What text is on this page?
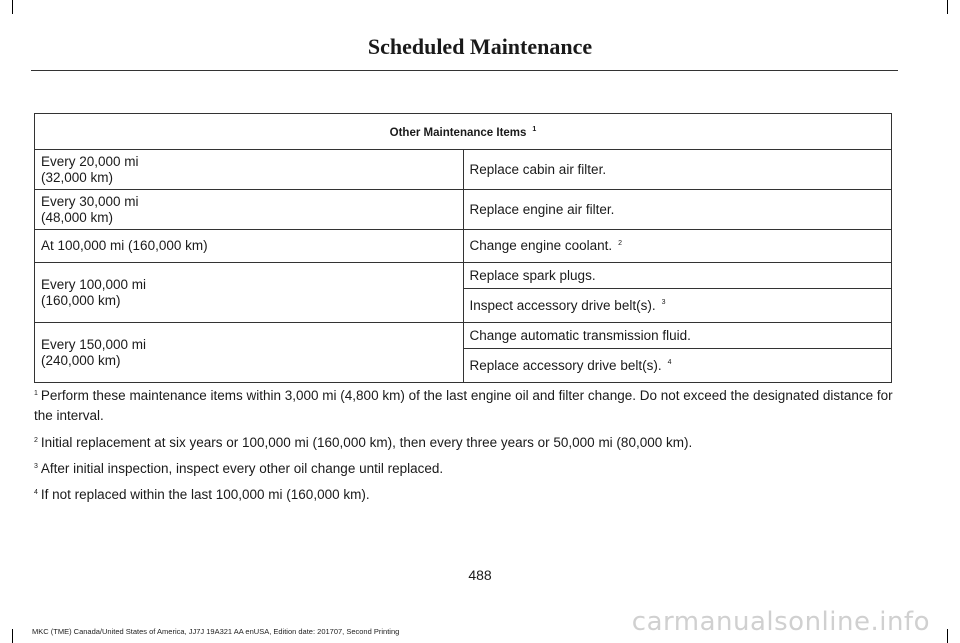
Scheduled Maintenance
Other Maintenance Items $^1$
Every 20,000 mi
(32,000 km)	Replace cabin air filter.
Every 30,000 mi
(48,000 km)	Replace engine air filter.
At 100,000 mi (160,000 km)	Change engine coolant. $^2$
Every 100,000 mi
(160,000 km)	Replace spark plugs.
	Inspect accessory drive belt(s). $^3$
Every 150,000 mi
(240,000 km)	Change automatic transmission fluid.
	Replace accessory drive belt(s). $^4$

$^1$ Perform these maintenance items within 3,000 mi (4,800 km) of the last engine oil and filter change. Do not exceed the designated distance for the interval.

$^2$ Initial replacement at six years or 100,000 mi (160,000 km), then every three years or 50,000 mi (80,000 km).

$^3$ After initial inspection, inspect every other oil change until replaced.

$^4$ If not replaced within the last 100,000 mi (160,000 km).

488
MKC (TME) Canada/United States of America, JJ7J 19A321 AA enUSA, Edition date: 201707, Second Printing	carmanualsonline.info
